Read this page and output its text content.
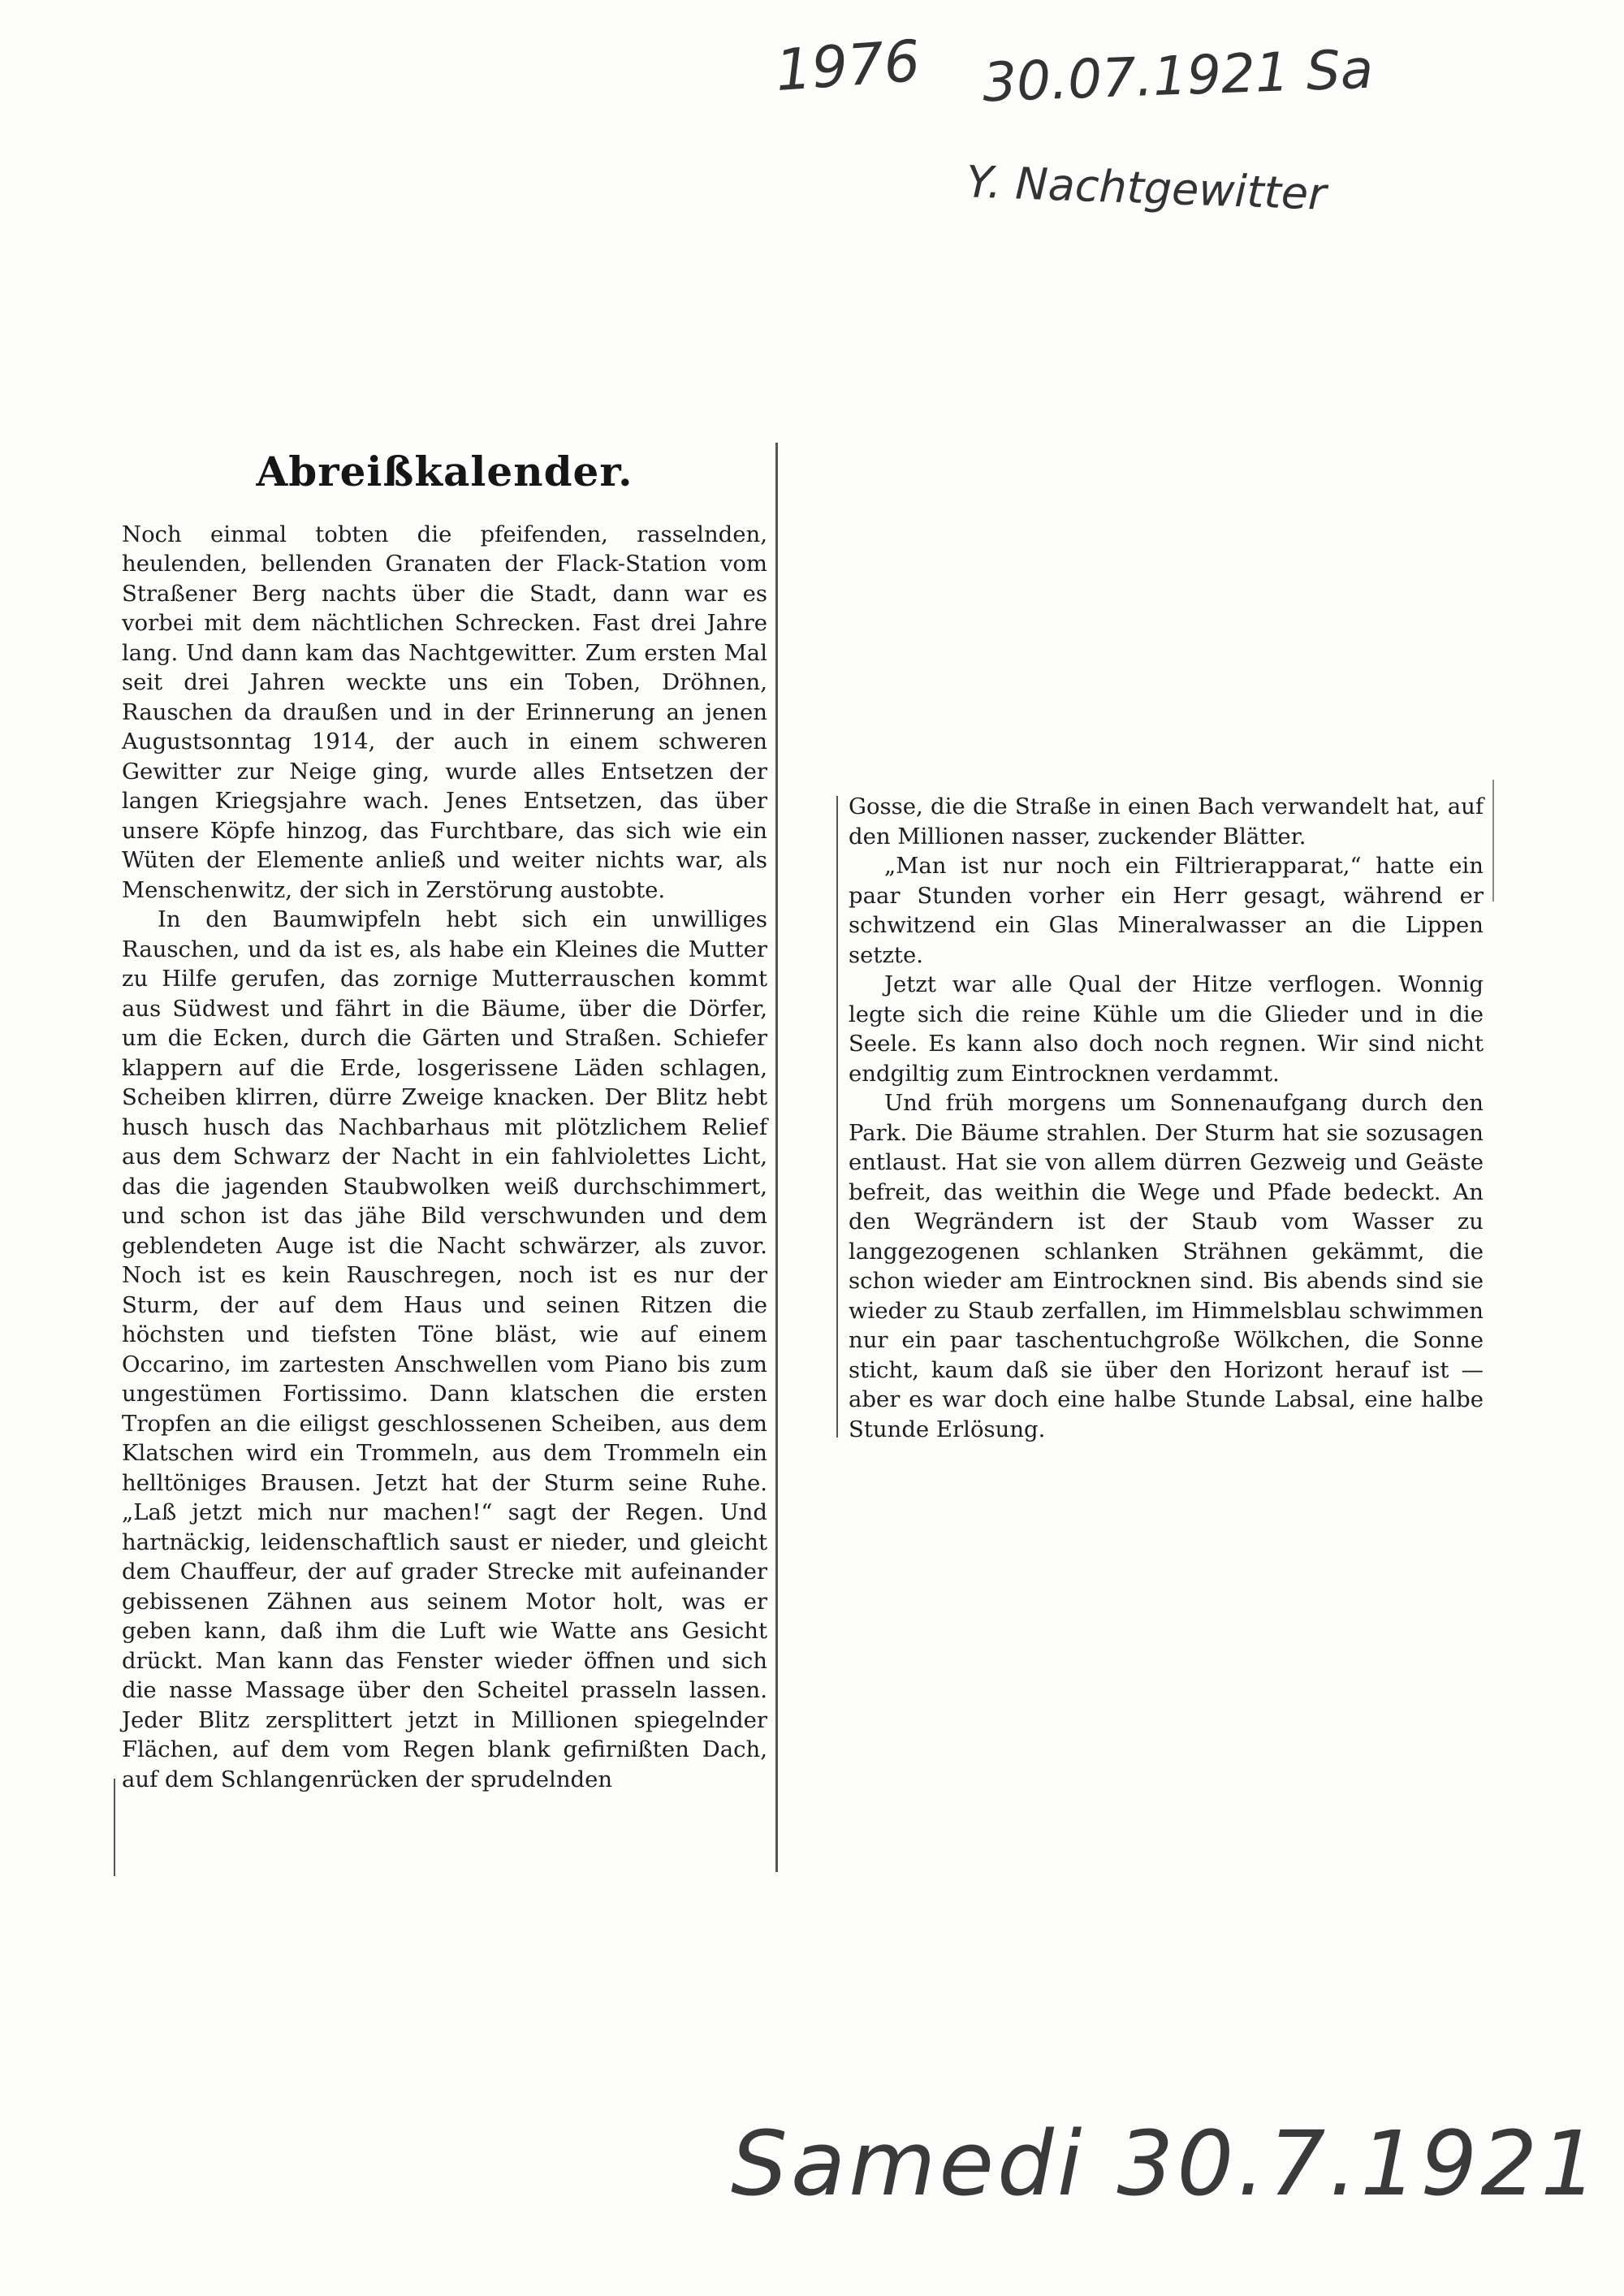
1976 30.07.1921 Sa
Y. Nachtgewitter
Abreißkalender.

Noch einmal tobten die pfeifenden, rasselnden, heulenden, bellenden Granaten der Flack-Station vom Straßener Berg nachts über die Stadt, dann war es vorbei mit dem nächtlichen Schrecken. Fast drei Jahre lang. Und dann kam das Nachtgewitter. Zum ersten Mal seit drei Jahren weckte uns ein Toben, Dröhnen, Rauschen da draußen und in der Erinnerung an jenen Augustsonntag 1914, der auch in einem schweren Gewitter zur Neige ging, wurde alles Entsetzen der langen Kriegsjahre wach. Jenes Entsetzen, das über unsere Köpfe hinzog, das Furchtbare, das sich wie ein Wüten der Elemente anließ und weiter nichts war, als Menschenwitz, der sich in Zerstörung austobte.

In den Baumwipfeln hebt sich ein unwilliges Rauschen, und da ist es, als habe ein Kleines die Mutter zu Hilfe gerufen, das zornige Mutterrauschen kommt aus Südwest und fährt in die Bäume, über die Dörfer, um die Ecken, durch die Gärten und Straßen. Schiefer klappern auf die Erde, losgerissene Läden schlagen, Scheiben klirren, dürre Zweige knacken. Der Blitz hebt husch husch das Nachbarhaus mit plötzlichem Relief aus dem Schwarz der Nacht in ein fahlviolettes Licht, das die jagenden Staubwolken weiß durchschimmert, und schon ist das jähe Bild verschwunden und dem geblendeten Auge ist die Nacht schwärzer, als zuvor. Noch ist es kein Rauschregen, noch ist es nur der Sturm, der auf dem Haus und seinen Ritzen die höchsten und tiefsten Töne bläst, wie auf einem Occarino, im zartesten Anschwellen vom Piano bis zum ungestümen Fortissimo. Dann klatschen die ersten Tropfen an die eiligst geschlossenen Scheiben, aus dem Klatschen wird ein Trommeln, aus dem Trommeln ein helltöniges Brausen. Jetzt hat der Sturm seine Ruhe. „Laß jetzt mich nur machen!“ sagt der Regen. Und hartnäckig, leidenschaftlich saust er nieder, und gleicht dem Chauffeur, der auf grader Strecke mit aufeinander gebissenen Zähnen aus seinem Motor holt, was er geben kann, daß ihm die Luft wie Watte ans Gesicht drückt. Man kann das Fenster wieder öffnen und sich die nasse Massage über den Scheitel prasseln lassen. Jeder Blitz zersplittert jetzt in Millionen spiegelnder Flächen, auf dem vom Regen blank gefirnißten Dach, auf dem Schlangenrücken der sprudelnden

Gosse, die die Straße in einen Bach verwandelt hat, auf den Millionen nasser, zuckender Blätter.

„Man ist nur noch ein Filtrierapparat,“ hatte ein paar Stunden vorher ein Herr gesagt, während er schwitzend ein Glas Mineralwasser an die Lippen setzte.

Jetzt war alle Qual der Hitze verflogen. Wonnig legte sich die reine Kühle um die Glieder und in die Seele. Es kann also doch noch regnen. Wir sind nicht endgiltig zum Eintrocknen verdammt.

Und früh morgens um Sonnenaufgang durch den Park. Die Bäume strahlen. Der Sturm hat sie sozusagen entlaust. Hat sie von allem dürren Gezweig und Geäste befreit, das weithin die Wege und Pfade bedeckt. An den Wegrändern ist der Staub vom Wasser zu langgezogenen schlanken Strähnen gekämmt, die schon wieder am Eintrocknen sind. Bis abends sind sie wieder zu Staub zerfallen, im Himmelsblau schwimmen nur ein paar taschentuchgroße Wölkchen, die Sonne sticht, kaum daß sie über den Horizont herauf ist — aber es war doch eine halbe Stunde Labsal, eine halbe Stunde Erlösung.

Samedi 30.7.1921
